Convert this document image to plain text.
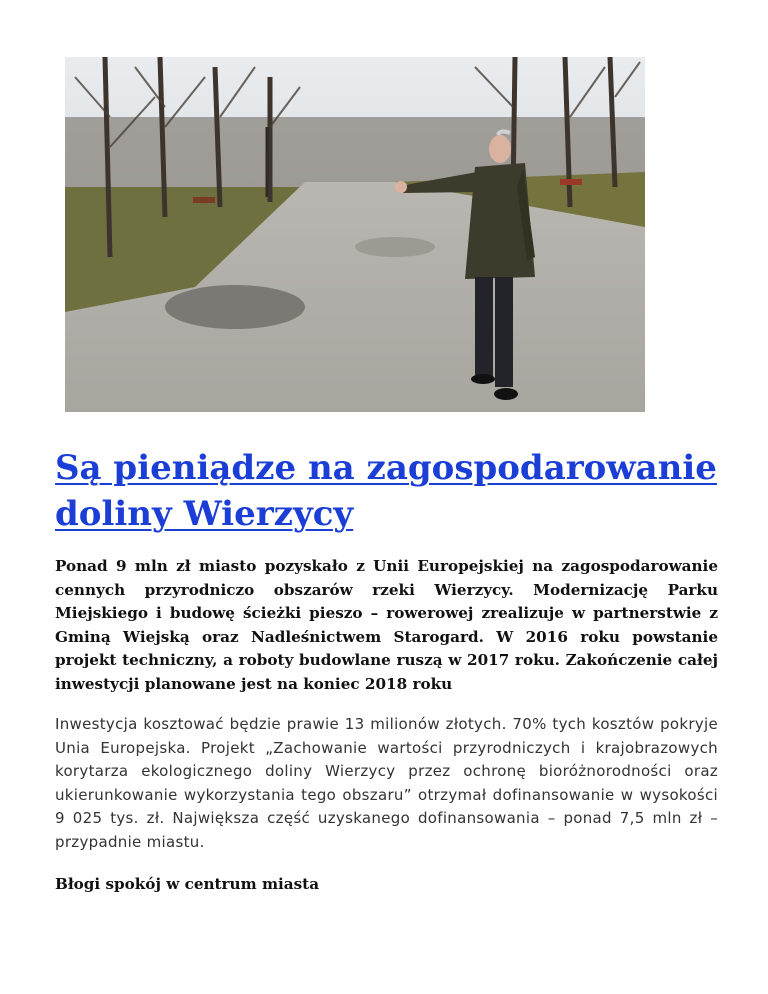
Są pieniądze na zagospodarowanie doliny Wierzycy

Ponad 9 mln zł miasto pozyskało z Unii Europejskiej na zagospodarowanie cennych przyrodniczo obszarów rzeki Wierzycy. Modernizację Parku Miejskiego i budowę ścieżki pieszo – rowerowej zrealizuje w partnerstwie z Gminą Wiejską oraz Nadleśnictwem Starogard. W 2016 roku powstanie projekt techniczny, a roboty budowlane ruszą w 2017 roku. Zakończenie całej inwestycji planowane jest na koniec 2018 roku

Inwestycja kosztować będzie prawie 13 milionów złotych. 70% tych kosztów pokryje Unia Europejska. Projekt „Zachowanie wartości przyrodniczych i krajobrazowych korytarza ekologicznego doliny Wierzycy przez ochronę bioróżnorodności oraz ukierunkowanie wykorzystania tego obszaru” otrzymał dofinansowanie w wysokości 9 025 tys. zł. Największa część uzyskanego dofinansowania – ponad 7,5 mln zł – przypadnie miastu.

Błogi spokój w centrum miasta
